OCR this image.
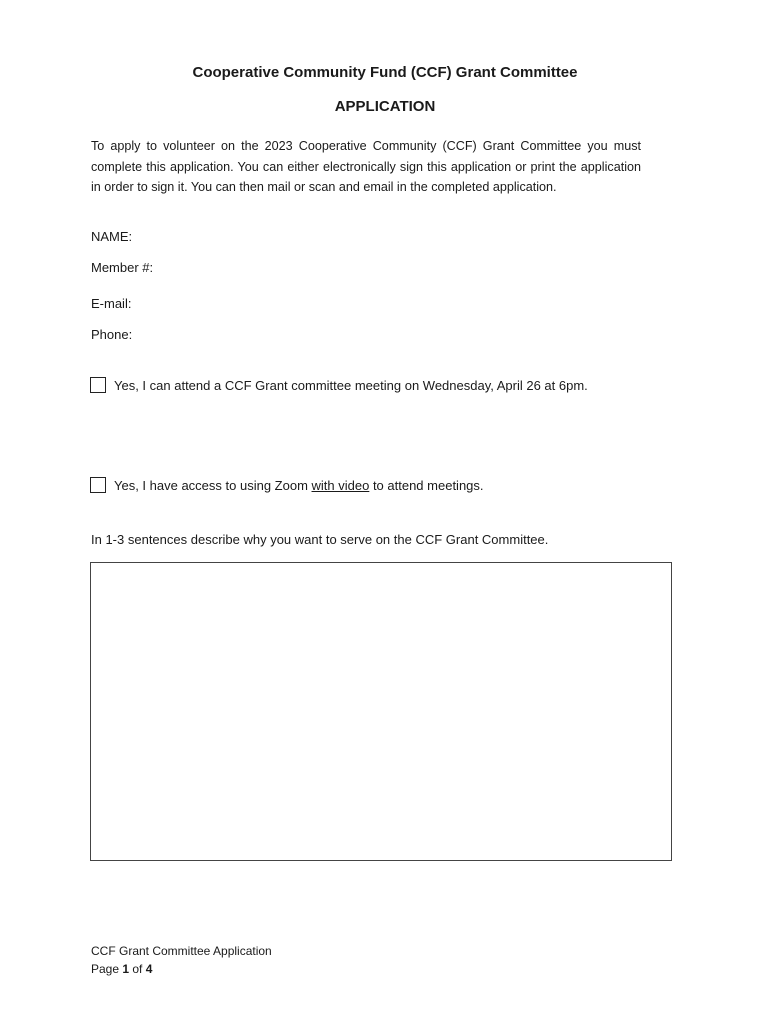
Cooperative Community Fund (CCF) Grant Committee
APPLICATION

To apply to volunteer on the 2023 Cooperative Community (CCF) Grant Committee you must complete this application. You can either electronically sign this application or print the application in order to sign it. You can then mail or scan and email in the completed application.

NAME:
Member #:
E-mail:
Phone:
Yes, I can attend a CCF Grant committee meeting on Wednesday, April 26 at 6pm.
Yes, I have access to using Zoom with video to attend meetings.
In 1-3 sentences describe why you want to serve on the CCF Grant Committee.
CCF Grant Committee Application
Page 1 of 4
